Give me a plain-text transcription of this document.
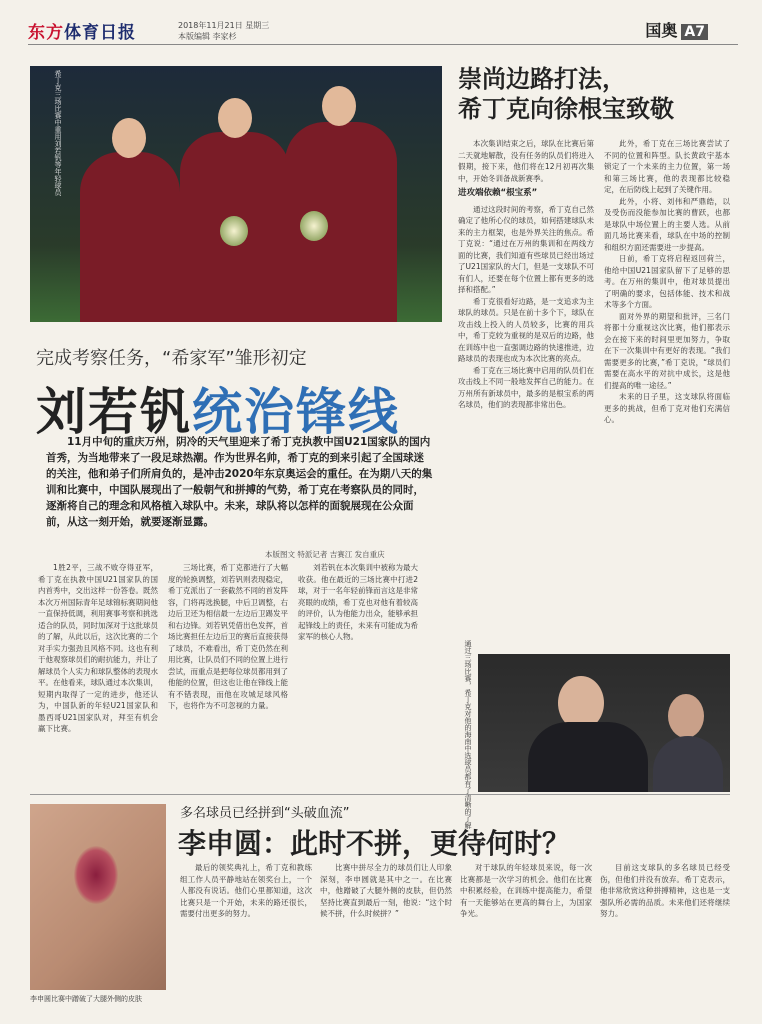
东方体育日报	2018年11月21日 星期三
本版编辑 李家杉	国奥 A7
希丁克三场比赛中重用刘若钒等年轻球员
完成考察任务，“希家军”雏形初定
刘若钒统治锋线
11月中旬的重庆万州，阴冷的天气里迎来了希丁克执教中国U21国家队的国内首秀，为当地带来了一段足球热潮。作为世界名帅，希丁克的到来引起了全国球迷的关注，他和弟子们所肩负的，是冲击2020年东京奥运会的重任。在为期八天的集训和比赛中，中国队展现出了一般朝气和拼搏的气势，希丁克在考察队员的同时，逐渐将自己的理念和风格植入球队中。未来，球队将以怎样的面貌展现在公众面前，从这一刻开始，就要逐渐显露。
本版图文 特派记者 吉赛江 发自重庆
1胜2平，三战不败夺得亚军，希丁克在执教中国U21国家队的国内首秀中，交出这样一份答卷。既然本次万州国际青年足球锦标赛期间他一直保持低调，利用赛事考察和挑选适合的队员，同时加深对于这批球员的了解，从此以后，这次比赛的二个对手实力强劲且风格不同。这也有利于他观察球员们的耐抗能力，并让了解球员个人实力和球队整体的表现水平。在他看来，球队通过本次集训，短期内取得了一定的进步，他还认为，中国队新的年轻U21国家队和墨西哥U21国家队对，拜至有机会赢下比赛。
三场比赛，希丁克都进行了大幅度的轮换调整，刘若钒则表现稳定，希丁克派出了一套截然不同的首发阵容，门将再选换腿，中后卫调整，右边后卫还为相信最一左边后卫踢发平和右边锋。刘若钒凭借出色发挥，首场比赛担任左边后卫的赛后直接获得了球员，不难看出，希丁克仍然在利用比赛，让队员们不同的位置上进行尝试，而重点是把每位球员都用到了他能的位置，但这也让他在锋线上能有不错表现，而他在攻城足球风格下，也将作为不可忽视的力量。
刘若钒在本次集训中被称为最大收获。他在最近的三场比赛中打进2球，对于一名年轻前锋而言这是非常亮眼的成绩，希丁克也对他有着较高的评价，认为他能力出众，能够承担起锋线上的责任，未来有可能成为希家军的核心人物。
崇尚边路打法，
希丁克向徐根宝致敬

本次集训结束之后，球队在比赛后第二天就地解散，没有任务的队员们将进入假期，接下来，他们将在12月初再次集中，开始冬训备战新赛季。

进攻端依赖“根宝系”

通过这段时间的考察，希丁克自己然确定了他所心仪的球员，如何搭建球队未来的主力框架，也是外界关注的焦点。希丁克说：“通过在万州的集训和在两线方面的比赛，我们知道有些球员已经出场过了U21国家队的大门，但是一支球队不可有们人，还要在每个位置上都有更多的选择和搭配。”

希丁克很看好边路，是一支追求为主球队的球员。只是在前十多个下，球队在攻击线上投入的人员较多，比赛的用兵中，希丁克较为重视的是双后的边路，他在训练中也一直强调边路的快速推进，边路球员的表现也成为本次比赛的亮点。

希丁克在三场比赛中启用的队员们在攻击线上不同一般地发挥自己的能力。在万州所有新球员中，最多的是根宝系的两名球员，他们的表现都非常出色。

此外，希丁克在三场比赛尝试了不同的位置和阵型。队长黄政宇基本锁定了一个未来的主力位置，第一场和第三场比赛，他的表现都比较稳定，在后防线上起到了关键作用。

此外，小将、刘伟和严鼎皓，以及受伤而没能参加比赛的曹跃，也都是球队中场位置上的主要人选。从前面几场比赛来看，球队在中场的控制和组织方面还需要进一步提高。

日前，希丁克将启程返回荷兰，他给中国U21国家队留下了足够的思考。在万州的集训中，他对球员提出了明确的要求，包括体能、技术和战术等多个方面。

面对外界的期望和批评，三名门将都十分重视这次比赛，他们都表示会在接下来的时间里更加努力，争取在下一次集训中有更好的表现。“我们需要更多的比赛，”希丁克说，“球员们需要在高水平的对抗中成长，这是他们提高的唯一途径。”

未来的日子里，这支球队将面临更多的挑战，但希丁克对他们充满信心。

通过三场比赛，希丁克对他的海南中选球员都有了清晰的了解
李申圆比赛中蹭破了大腿外侧的皮肤
多名球员已经拼到“头破血流”
李申圆：此时不拼，更待何时？
最后的领奖典礼上，希丁克和教练组工作人员平静地站在领奖台上，一个人都没有说话。他们心里都知道，这次比赛只是一个开始，未来的路还很长，需要付出更多的努力。
比赛中拼尽全力的球员们让人印象深刻，李申圆就是其中之一。在比赛中，他蹭破了大腿外侧的皮肤，但仍然坚持比赛直到最后一刻，他说：“这个时候不拼，什么时候拼？”
对于球队的年轻球员来说，每一次比赛都是一次学习的机会。他们在比赛中积累经验，在训练中提高能力，希望有一天能够站在更高的舞台上，为国家争光。
目前这支球队的多名球员已经受伤，但他们并没有放弃。希丁克表示，他非常欣赏这种拼搏精神，这也是一支强队所必需的品质。未来他们还将继续努力。
